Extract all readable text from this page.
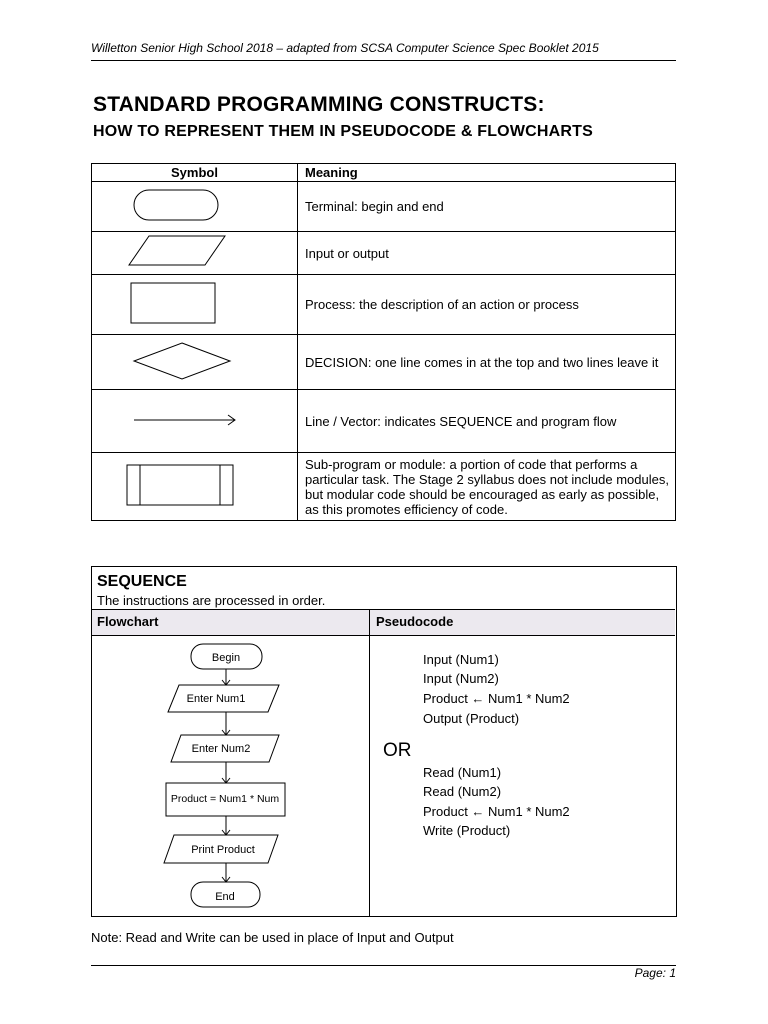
Willetton Senior High School 2018 – adapted from SCSA Computer Science Spec Booklet 2015
STANDARD PROGRAMMING CONSTRUCTS:
HOW TO REPRESENT THEM IN PSEUDOCODE & FLOWCHARTS
Symbol	Meaning
	Terminal: begin and end
	Input or output
	Process: the description of an action or process
	DECISION: one line comes in at the top and two lines leave it
	Line / Vector: indicates SEQUENCE and program flow
	Sub-program or module: a portion of code that performs a particular task. The Stage 2 syllabus does not include modules, but modular code should be encouraged as early as possible, as this promotes efficiency of code.
SEQUENCE
The instructions are processed in order.
Flowchart	Pseudocode
Begin
Enter Num1
Enter Num2
Product = Num1 * Num
Print Product
End
Input (Num1)
Input (Num2)
Product ← Num1 * Num2
Output (Product)
OR
Read (Num1)
Read (Num2)
Product ← Num1 * Num2
Write (Product)
Note: Read and Write can be used in place of Input and Output
Page: 1
